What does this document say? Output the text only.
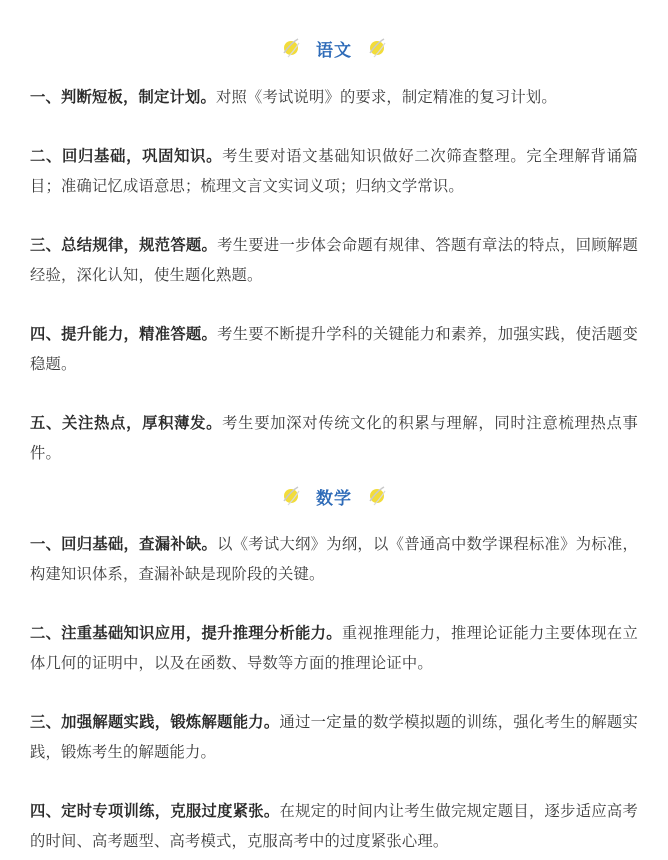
语文

一、判断短板，制定计划。对照《考试说明》的要求，制定精准的复习计划。

二、回归基础，巩固知识。考生要对语文基础知识做好二次筛查整理。完全理解背诵篇目；准确记忆成语意思；梳理文言文实词义项；归纳文学常识。

三、总结规律，规范答题。考生要进一步体会命题有规律、答题有章法的特点，回顾解题经验，深化认知，使生题化熟题。

四、提升能力，精准答题。考生要不断提升学科的关键能力和素养，加强实践，使活题变稳题。

五、关注热点，厚积薄发。考生要加深对传统文化的积累与理解，同时注意梳理热点事件。

数学

一、回归基础，查漏补缺。以《考试大纲》为纲，以《普通高中数学课程标准》为标准，构建知识体系，查漏补缺是现阶段的关键。

二、注重基础知识应用，提升推理分析能力。重视推理能力，推理论证能力主要体现在立体几何的证明中，以及在函数、导数等方面的推理论证中。

三、加强解题实践，锻炼解题能力。通过一定量的数学模拟题的训练，强化考生的解题实践，锻炼考生的解题能力。

四、定时专项训练，克服过度紧张。在规定的时间内让考生做完规定题目，逐步适应高考的时间、高考题型、高考模式，克服高考中的过度紧张心理。
